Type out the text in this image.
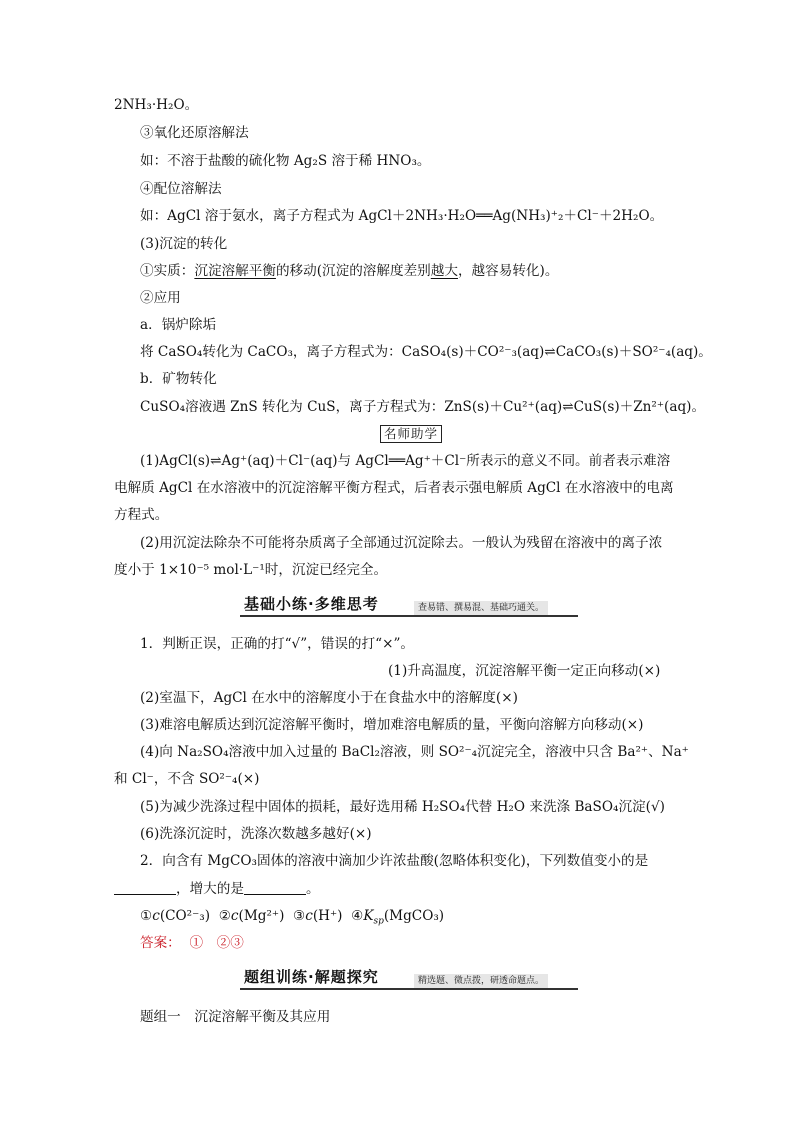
2NH₃·H₂O。
③氧化还原溶解法
如：不溶于盐酸的硫化物 Ag₂S 溶于稀 HNO₃。
④配位溶解法
如：AgCl 溶于氨水，离子方程式为 AgCl＋2NH₃·H₂O══Ag(NH₃)⁺₂＋Cl⁻＋2H₂O。
(3)沉淀的转化
①实质：沉淀溶解平衡的移动(沉淀的溶解度差别越大，越容易转化)。
②应用
a．锅炉除垢
将 CaSO₄转化为 CaCO₃，离子方程式为：CaSO₄(s)＋CO²⁻₃(aq)⇌CaCO₃(s)＋SO²⁻₄(aq)。
b．矿物转化
CuSO₄溶液遇 ZnS 转化为 CuS，离子方程式为：ZnS(s)＋Cu²⁺(aq)⇌CuS(s)＋Zn²⁺(aq)。
名师助学
(1)AgCl(s)⇌Ag⁺(aq)＋Cl⁻(aq)与 AgCl══Ag⁺＋Cl⁻所表示的意义不同。前者表示难溶
电解质 AgCl 在水溶液中的沉淀溶解平衡方程式，后者表示强电解质 AgCl 在水溶液中的电离
方程式。
(2)用沉淀法除杂不可能将杂质离子全部通过沉淀除去。一般认为残留在溶液中的离子浓
度小于 1×10⁻⁵ mol·L⁻¹时，沉淀已经完全。
基础小练·多维思考	查易错、撰易混、基础巧通关。
1．判断正误，正确的打“√”，错误的打“×”。
(1)升高温度，沉淀溶解平衡一定正向移动(×)
(2)室温下，AgCl 在水中的溶解度小于在食盐水中的溶解度(×)
(3)难溶电解质达到沉淀溶解平衡时，增加难溶电解质的量，平衡向溶解方向移动(×)
(4)向 Na₂SO₄溶液中加入过量的 BaCl₂溶液，则 SO²⁻₄沉淀完全，溶液中只含 Ba²⁺、Na⁺
和 Cl⁻，不含 SO²⁻₄(×)
(5)为减少洗涤过程中固体的损耗，最好选用稀 H₂SO₄代替 H₂O 来洗涤 BaSO₄沉淀(√)
(6)洗涤沉淀时，洗涤次数越多越好(×)
2．向含有 MgCO₃固体的溶液中滴加少许浓盐酸(忽略体积变化)，下列数值变小的是
，增大的是	。
①c(CO²⁻₃) ②c(Mg²⁺) ③c(H⁺) $④K_{sp}(MgCO_3)$
答案： ①　②③
题组训练·解题探究	精选题、微点拨，研透命题点。
题组一　沉淀溶解平衡及其应用
